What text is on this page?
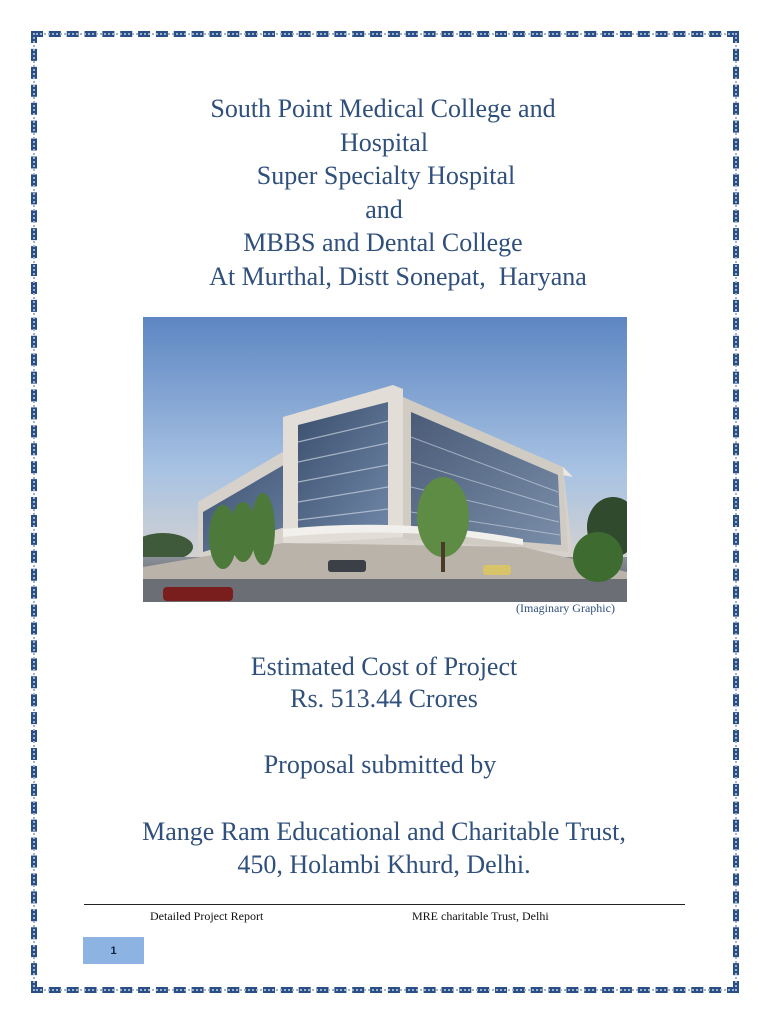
South Point Medical College and
Hospital
Super Specialty Hospital
and
MBBS and Dental College
At Murthal, Distt Sonepat,  Haryana
(Imaginary Graphic)
Estimated Cost of Project
Rs. 513.44 Crores
Proposal submitted by
Mange Ram Educational and Charitable Trust,
450, Holambi Khurd, Delhi.
Detailed Project Report	MRE charitable Trust, Delhi
1
